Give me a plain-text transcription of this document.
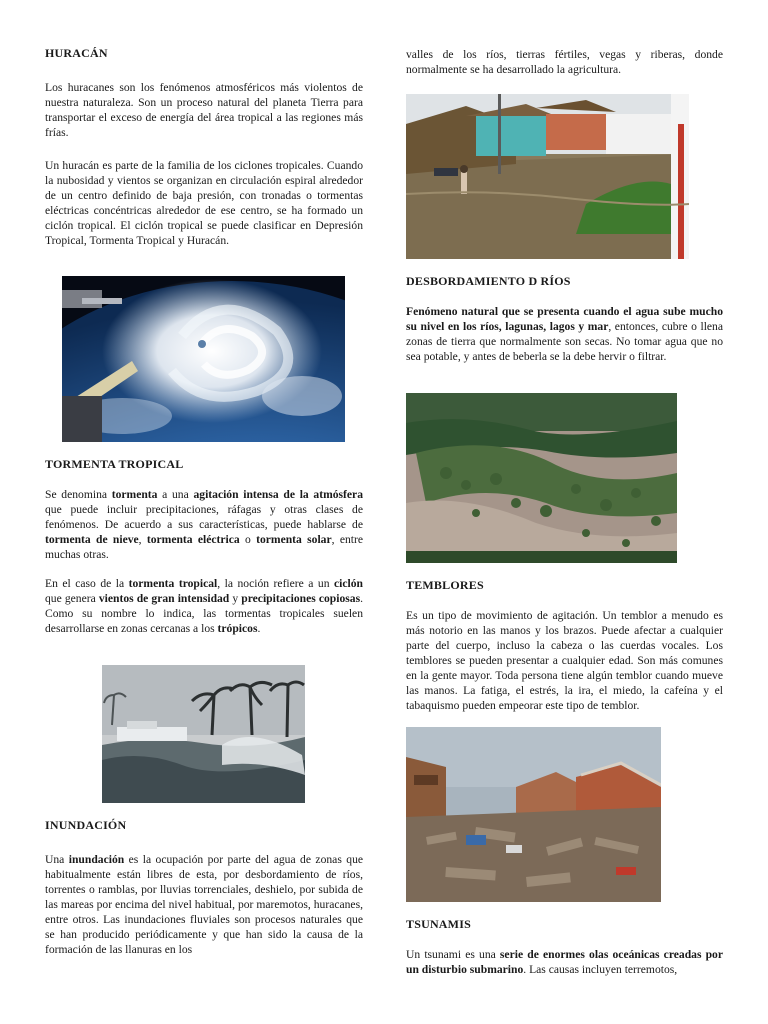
HURACÁN

Los huracanes son los fenómenos atmosféricos más violentos de nuestra naturaleza. Son un proceso natural del planeta Tierra para transportar el exceso de energía del área tropical a las regiones más frías.

Un huracán es parte de la familia de los ciclones tropicales. Cuando la nubosidad y vientos se organizan en circulación espiral alrededor de un centro definido de baja presión, con tronadas o tormentas eléctricas concéntricas alrededor de ese centro, se ha formado un ciclón tropical. El ciclón tropical se puede clasificar en Depresión Tropical, Tormenta Tropical y Huracán.

TORMENTA TROPICAL

Se denomina tormenta a una agitación intensa de la atmósfera que puede incluir precipitaciones, ráfagas y otras clases de fenómenos. De acuerdo a sus características, puede hablarse de tormenta de nieve, tormenta eléctrica o tormenta solar, entre muchas otras.

En el caso de la tormenta tropical, la noción refiere a un ciclón que genera vientos de gran intensidad y precipitaciones copiosas. Como su nombre lo indica, las tormentas tropicales suelen desarrollarse en zonas cercanas a los trópicos.

INUNDACIÓN

Una inundación es la ocupación por parte del agua de zonas que habitualmente están libres de esta, por desbordamiento de ríos, torrentes o ramblas, por lluvias torrenciales, deshielo, por subida de las mareas por encima del nivel habitual, por maremotos, huracanes, entre otros. Las inundaciones fluviales son procesos naturales que se han producido periódicamente y que han sido la causa de la formación de las llanuras en los

valles de los ríos, tierras fértiles, vegas y riberas, donde normalmente se ha desarrollado la agricultura.

DESBORDAMIENTO D RÍOS

Fenómeno natural que se presenta cuando el agua sube mucho su nivel en los ríos, lagunas, lagos y mar, entonces, cubre o llena zonas de tierra que normalmente son secas. No tomar agua que no sea potable, y antes de beberla se la debe hervir o filtrar.

TEMBLORES

Es un tipo de movimiento de agitación. Un temblor a menudo es más notorio en las manos y los brazos. Puede afectar a cualquier parte del cuerpo, incluso la cabeza o las cuerdas vocales. Los temblores se pueden presentar a cualquier edad. Son más comunes en la gente mayor. Toda persona tiene algún temblor cuando mueve las manos. La fatiga, el estrés, la ira, el miedo, la cafeína y el tabaquismo pueden empeorar este tipo de temblor.

TSUNAMIS

Un tsunami es una serie de enormes olas oceánicas creadas por un disturbio submarino. Las causas incluyen terremotos,
